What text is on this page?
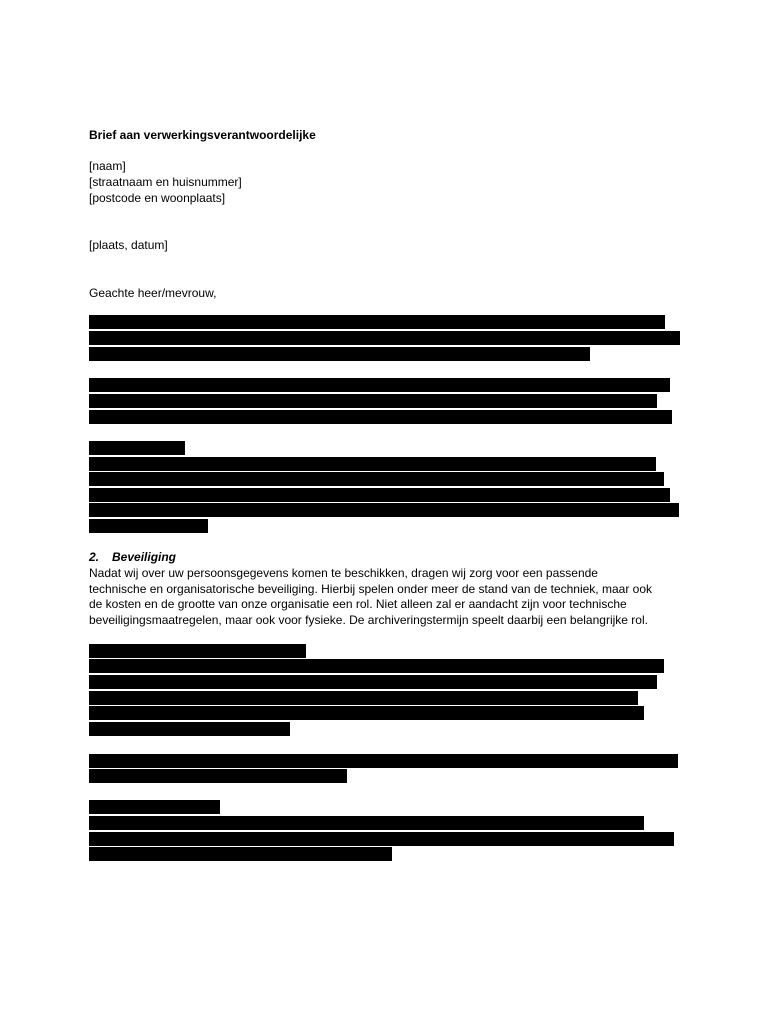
Brief aan verwerkingsverantwoordelijke
[naam]
[straatnaam en huisnummer]
[postcode en woonplaats]
[plaats, datum]
Geachte heer/mevrouw,
2. Beveiliging
Nadat wij over uw persoonsgegevens komen te beschikken, dragen wij zorg voor een passende
technische en organisatorische beveiliging. Hierbij spelen onder meer de stand van de techniek, maar ook
de kosten en de grootte van onze organisatie een rol. Niet alleen zal er aandacht zijn voor technische
beveiligingsmaatregelen, maar ook voor fysieke. De archiveringstermijn speelt daarbij een belangrijke rol.
